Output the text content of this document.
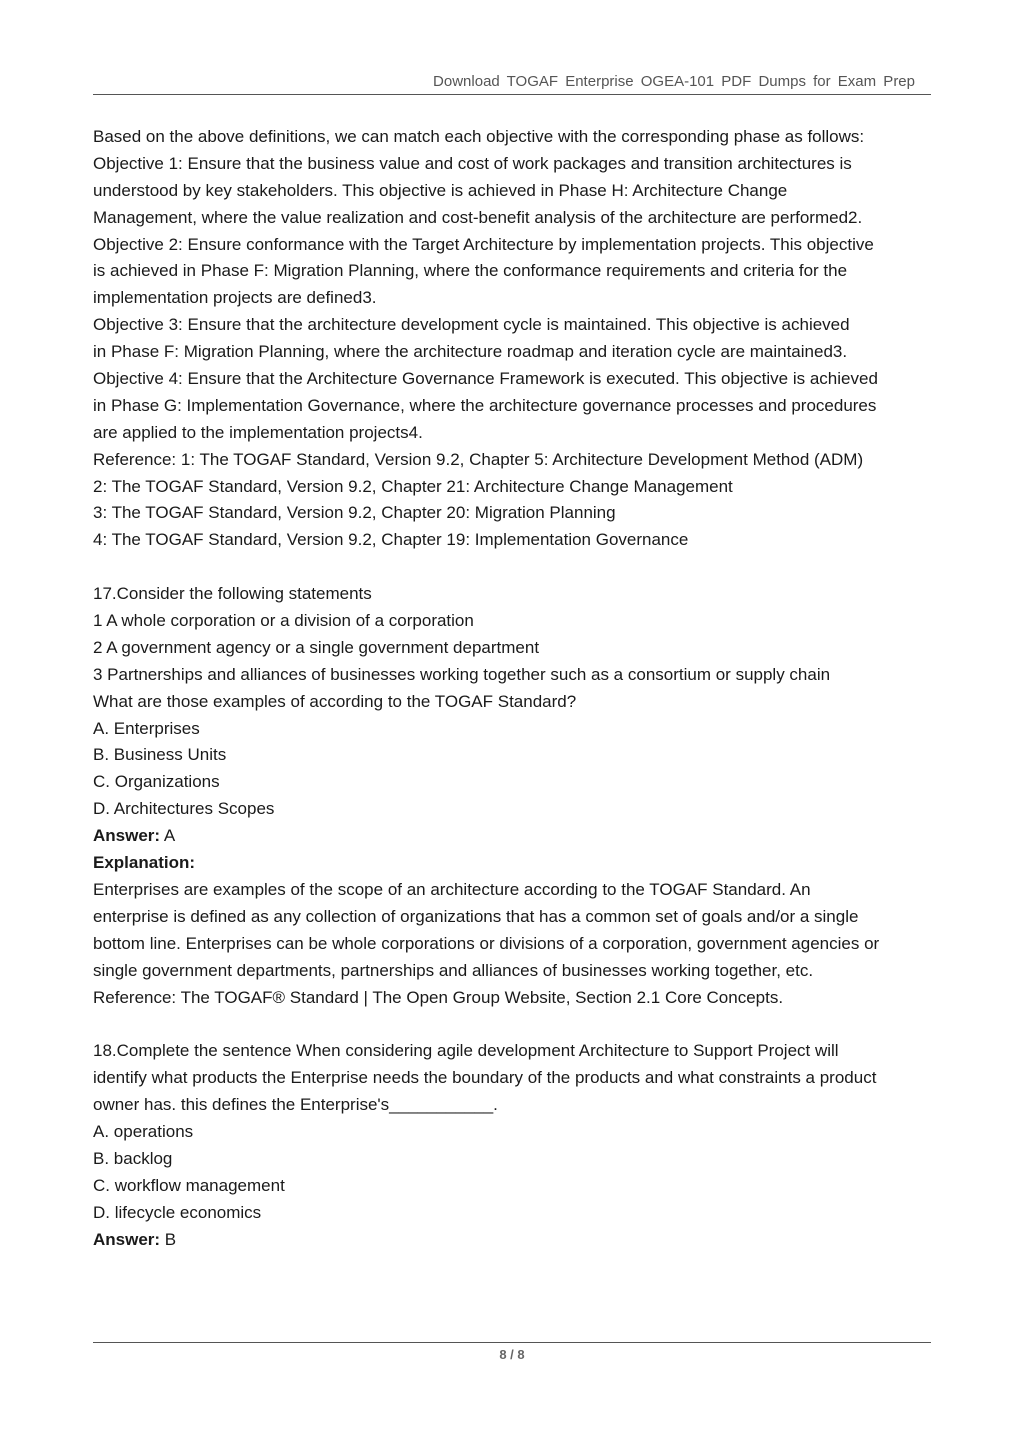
Download TOGAF Enterprise OGEA-101 PDF Dumps for Exam Prep
Based on the above definitions, we can match each objective with the corresponding phase as follows:
Objective 1: Ensure that the business value and cost of work packages and transition architectures is
understood by key stakeholders. This objective is achieved in Phase H: Architecture Change
Management, where the value realization and cost-benefit analysis of the architecture are performed2.
Objective 2: Ensure conformance with the Target Architecture by implementation projects. This objective
is achieved in Phase F: Migration Planning, where the conformance requirements and criteria for the
implementation projects are defined3.
Objective 3: Ensure that the architecture development cycle is maintained. This objective is achieved
in Phase F: Migration Planning, where the architecture roadmap and iteration cycle are maintained3.
Objective 4: Ensure that the Architecture Governance Framework is executed. This objective is achieved
in Phase G: Implementation Governance, where the architecture governance processes and procedures
are applied to the implementation projects4.
Reference: 1: The TOGAF Standard, Version 9.2, Chapter 5: Architecture Development Method (ADM)
2: The TOGAF Standard, Version 9.2, Chapter 21: Architecture Change Management
3: The TOGAF Standard, Version 9.2, Chapter 20: Migration Planning
4: The TOGAF Standard, Version 9.2, Chapter 19: Implementation Governance
17.Consider the following statements
1 A whole corporation or a division of a corporation
2 A government agency or a single government department
3 Partnerships and alliances of businesses working together such as a consortium or supply chain
What are those examples of according to the TOGAF Standard?
A. Enterprises
B. Business Units
C. Organizations
D. Architectures Scopes
Answer: A
Explanation:
Enterprises are examples of the scope of an architecture according to the TOGAF Standard. An
enterprise is defined as any collection of organizations that has a common set of goals and/or a single
bottom line. Enterprises can be whole corporations or divisions of a corporation, government agencies or
single government departments, partnerships and alliances of businesses working together, etc.
Reference: The TOGAF® Standard | The Open Group Website, Section 2.1 Core Concepts.
18.Complete the sentence When considering agile development Architecture to Support Project will
identify what products the Enterprise needs the boundary of the products and what constraints a product
owner has. this defines the Enterprise's___________.
A. operations
B. backlog
C. workflow management
D. lifecycle economics
Answer: B
8 / 8
